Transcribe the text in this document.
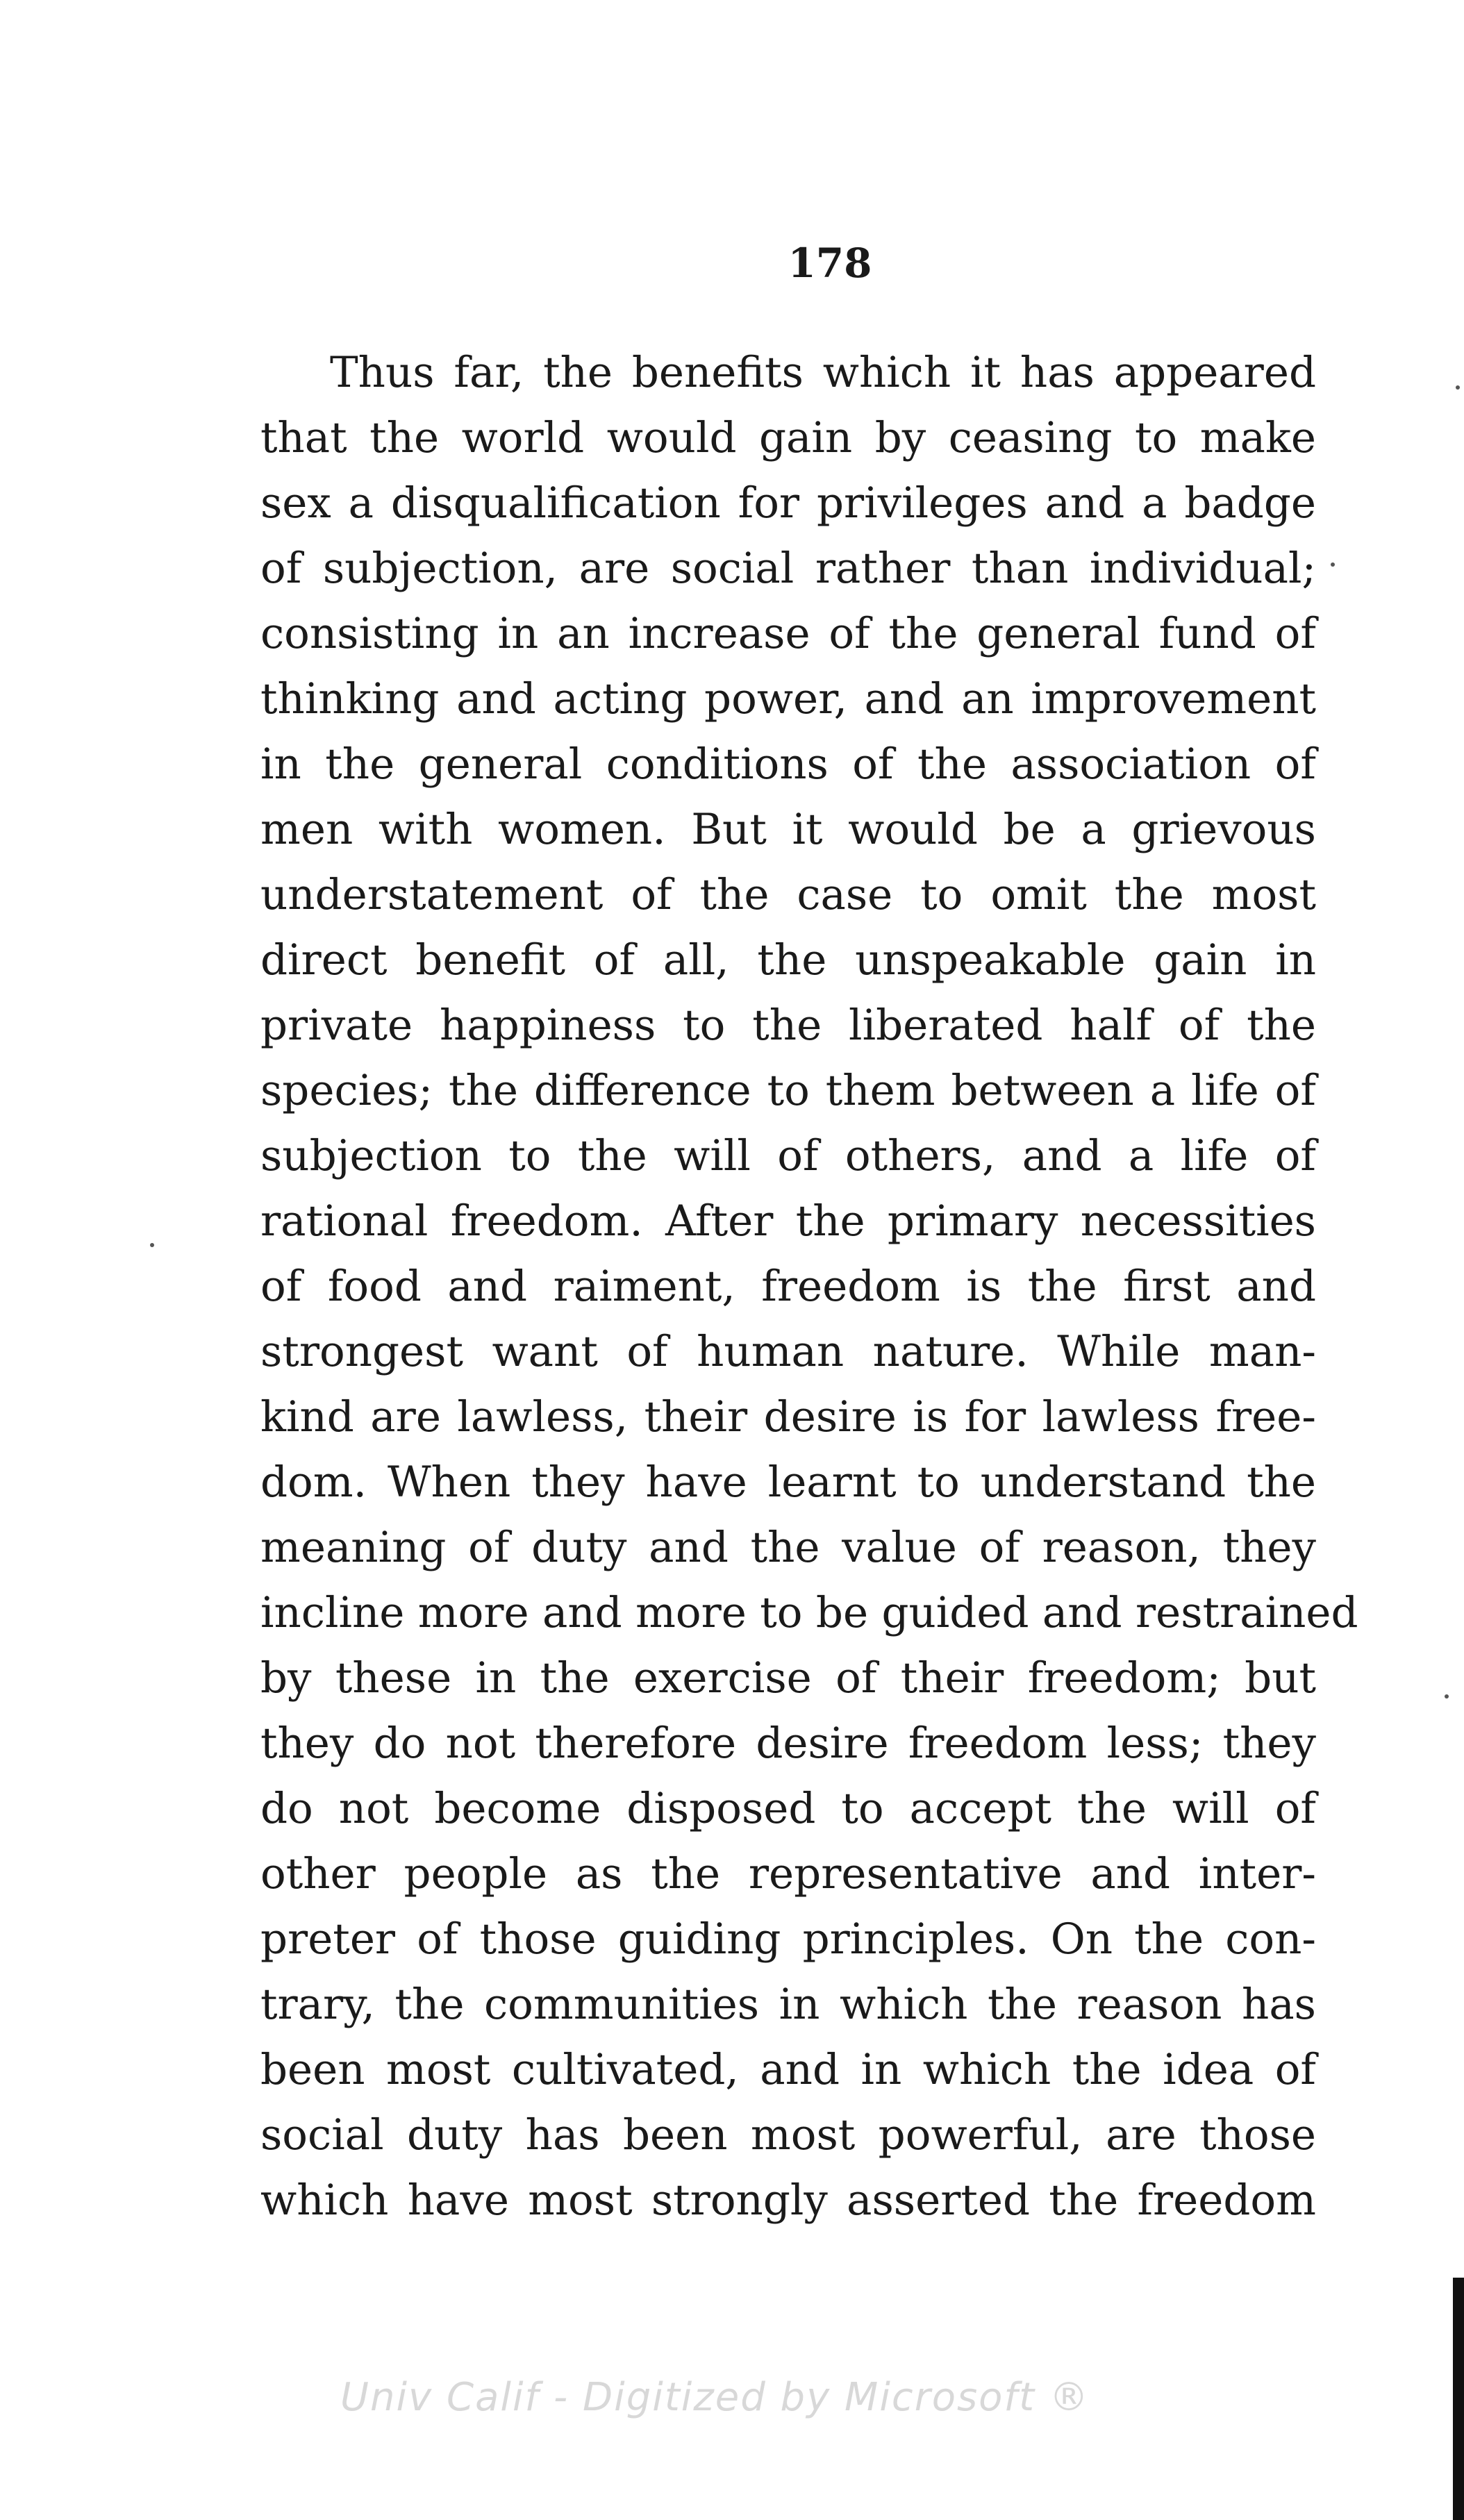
178
Thus far, the benefits which it has appeared
that the world would gain by ceasing to make
sex a disqualification for privileges and a badge
of subjection, are social rather than individual;
consisting in an increase of the general fund of
thinking and acting power, and an improvement
in the general conditions of the association of
men with women. But it would be a grievous
understatement of the case to omit the most
direct benefit of all, the unspeakable gain in
private happiness to the liberated half of the
species; the difference to them between a life of
subjection to the will of others, and a life of
rational freedom. After the primary necessities
of food and raiment, freedom is the first and
strongest want of human nature. While man-
kind are lawless, their desire is for lawless free-
dom. When they have learnt to understand the
meaning of duty and the value of reason, they
incline more and more to be guided and restrained
by these in the exercise of their freedom; but
they do not therefore desire freedom less; they
do not become disposed to accept the will of
other people as the representative and inter-
preter of those guiding principles. On the con-
trary, the communities in which the reason has
been most cultivated, and in which the idea of
social duty has been most powerful, are those
which have most strongly asserted the freedom
Univ Calif - Digitized by Microsoft ®
